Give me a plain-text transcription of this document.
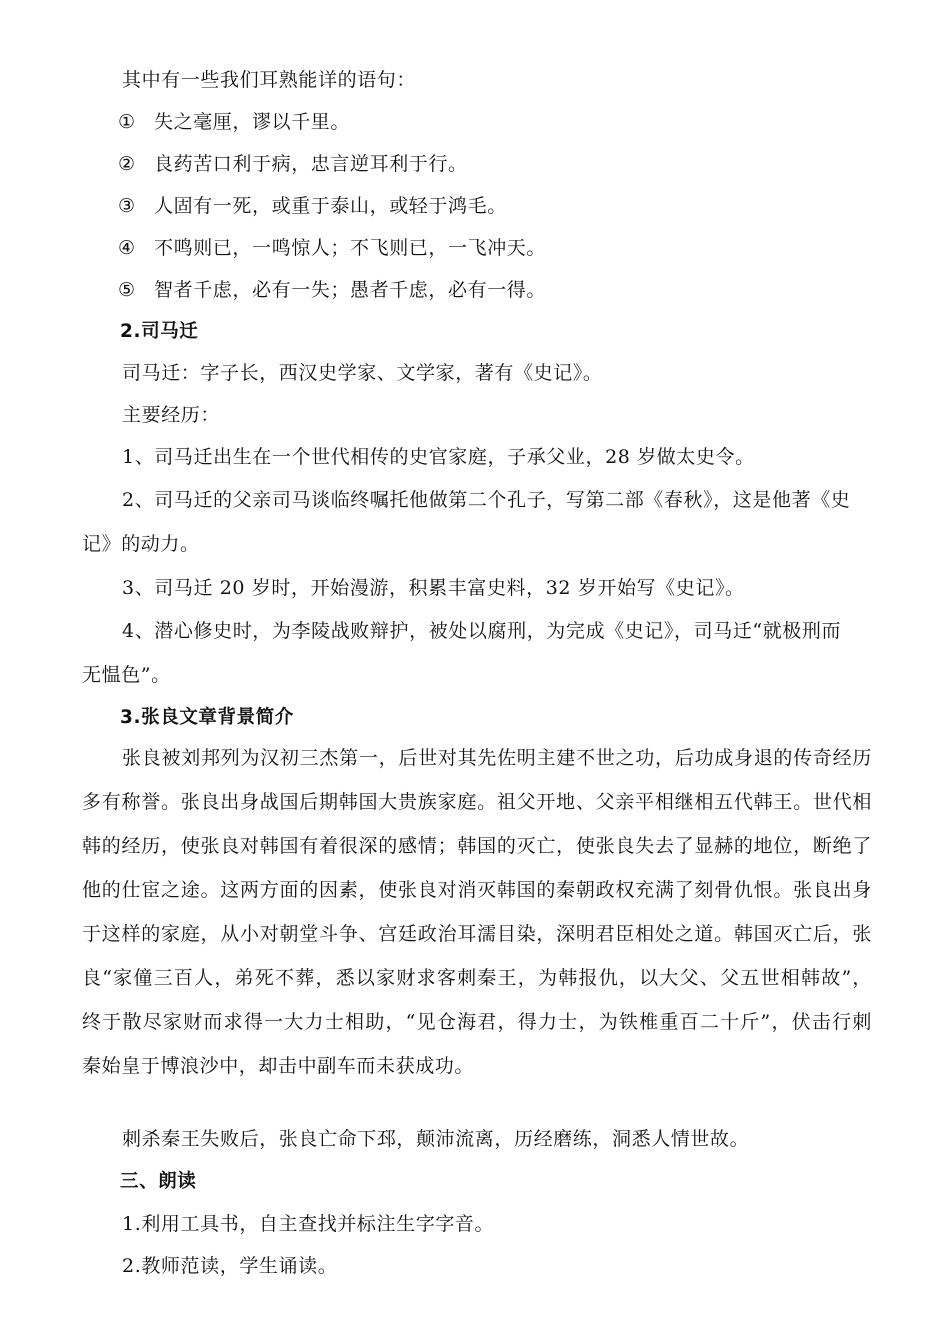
其中有一些我们耳熟能详的语句：
① 失之毫厘，谬以千里。
② 良药苦口利于病，忠言逆耳利于行。
③ 人固有一死，或重于泰山，或轻于鸿毛。
④ 不鸣则已，一鸣惊人；不飞则已，一飞冲天。
⑤ 智者千虑，必有一失；愚者千虑，必有一得。
2.司马迁
司马迁：字子长，西汉史学家、文学家，著有《史记》。
主要经历：
1、司马迁出生在一个世代相传的史官家庭，子承父业，28 岁做太史令。
2、司马迁的父亲司马谈临终嘱托他做第二个孔子，写第二部《春秋》，这是他著《史
记》的动力。
3、司马迁 20 岁时，开始漫游，积累丰富史料，32 岁开始写《史记》。
4、潜心修史时，为李陵战败辩护，被处以腐刑，为完成《史记》，司马迁“就极刑而
无愠色”。
3.张良文章背景简介
张良被刘邦列为汉初三杰第一，后世对其先佐明主建不世之功，后功成身退的传奇经历
多有称誉。张良出身战国后期韩国大贵族家庭。祖父开地、父亲平相继相五代韩王。世代相
韩的经历，使张良对韩国有着很深的感情；韩国的灭亡，使张良失去了显赫的地位，断绝了
他的仕宦之途。这两方面的因素，使张良对消灭韩国的秦朝政权充满了刻骨仇恨。张良出身
于这样的家庭，从小对朝堂斗争、宫廷政治耳濡目染，深明君臣相处之道。韩国灭亡后，张
良“家僮三百人，弟死不葬，悉以家财求客刺秦王，为韩报仇，以大父、父五世相韩故”，
终于散尽家财而求得一大力士相助，“见仓海君，得力士，为铁椎重百二十斤”，伏击行刺
秦始皇于博浪沙中，却击中副车而未获成功。
刺杀秦王失败后，张良亡命下邳，颠沛流离，历经磨练，洞悉人情世故。
三、朗读
1.利用工具书，自主查找并标注生字字音。
2.教师范读，学生诵读。
